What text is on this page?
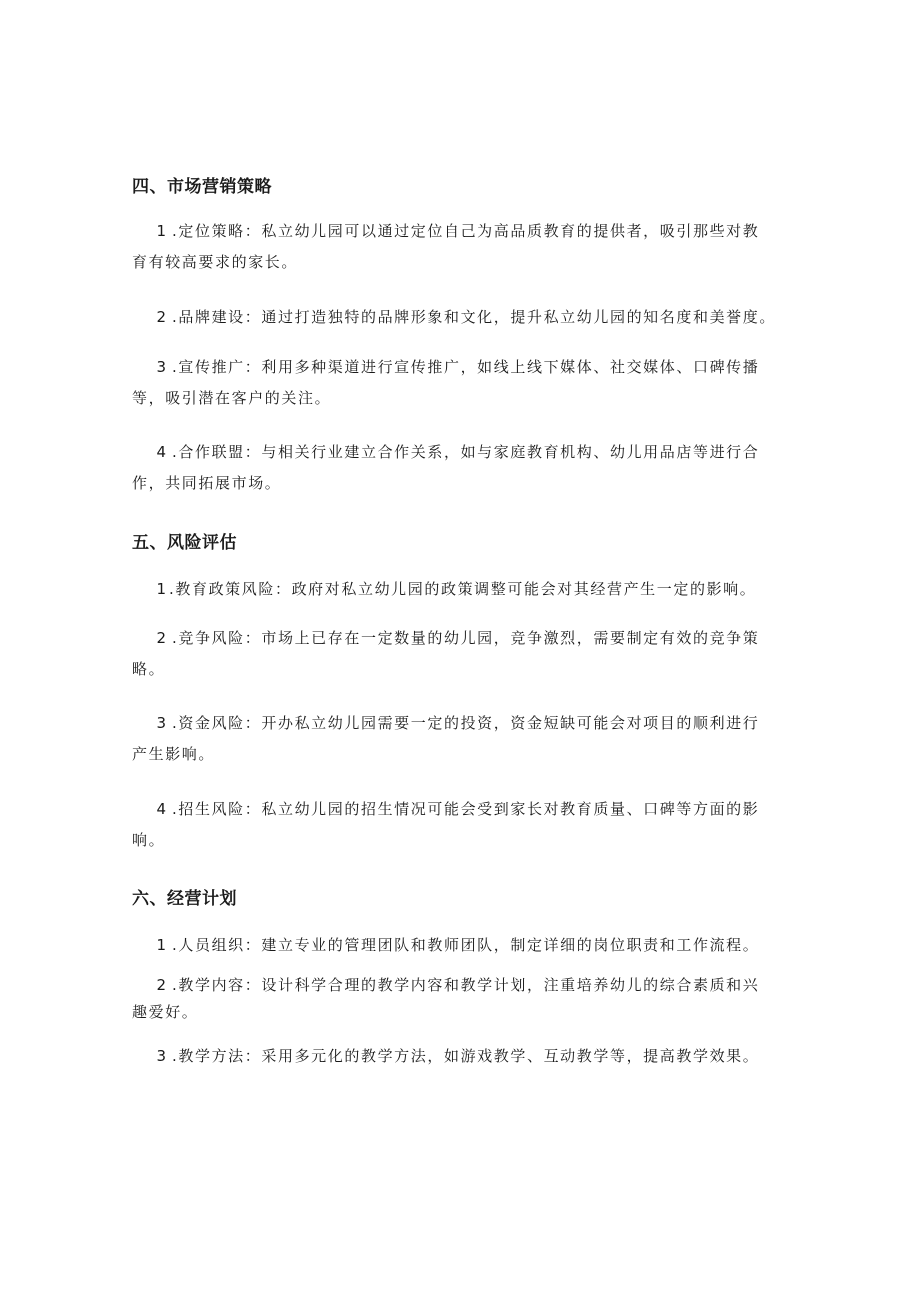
四、市场营销策略
1 .定位策略：私立幼儿园可以通过定位自己为高品质教育的提供者，吸引那些对教
育有较高要求的家长。
2 .品牌建设：通过打造独特的品牌形象和文化，提升私立幼儿园的知名度和美誉度。
3 .宣传推广：利用多种渠道进行宣传推广，如线上线下媒体、社交媒体、口碑传播
等，吸引潜在客户的关注。
4 .合作联盟：与相关行业建立合作关系，如与家庭教育机构、幼儿用品店等进行合
作，共同拓展市场。
五、风险评估
1 .教育政策风险：政府对私立幼儿园的政策调整可能会对其经营产生一定的影响。
2 .竞争风险：市场上已存在一定数量的幼儿园，竞争激烈，需要制定有效的竞争策
略。
3 .资金风险：开办私立幼儿园需要一定的投资，资金短缺可能会对项目的顺利进行
产生影响。
4 .招生风险：私立幼儿园的招生情况可能会受到家长对教育质量、口碑等方面的影
响。
六、经营计划
1 .人员组织：建立专业的管理团队和教师团队，制定详细的岗位职责和工作流程。
2 .教学内容：设计科学合理的教学内容和教学计划，注重培养幼儿的综合素质和兴
趣爱好。
3 .教学方法：采用多元化的教学方法，如游戏教学、互动教学等，提高教学效果。
